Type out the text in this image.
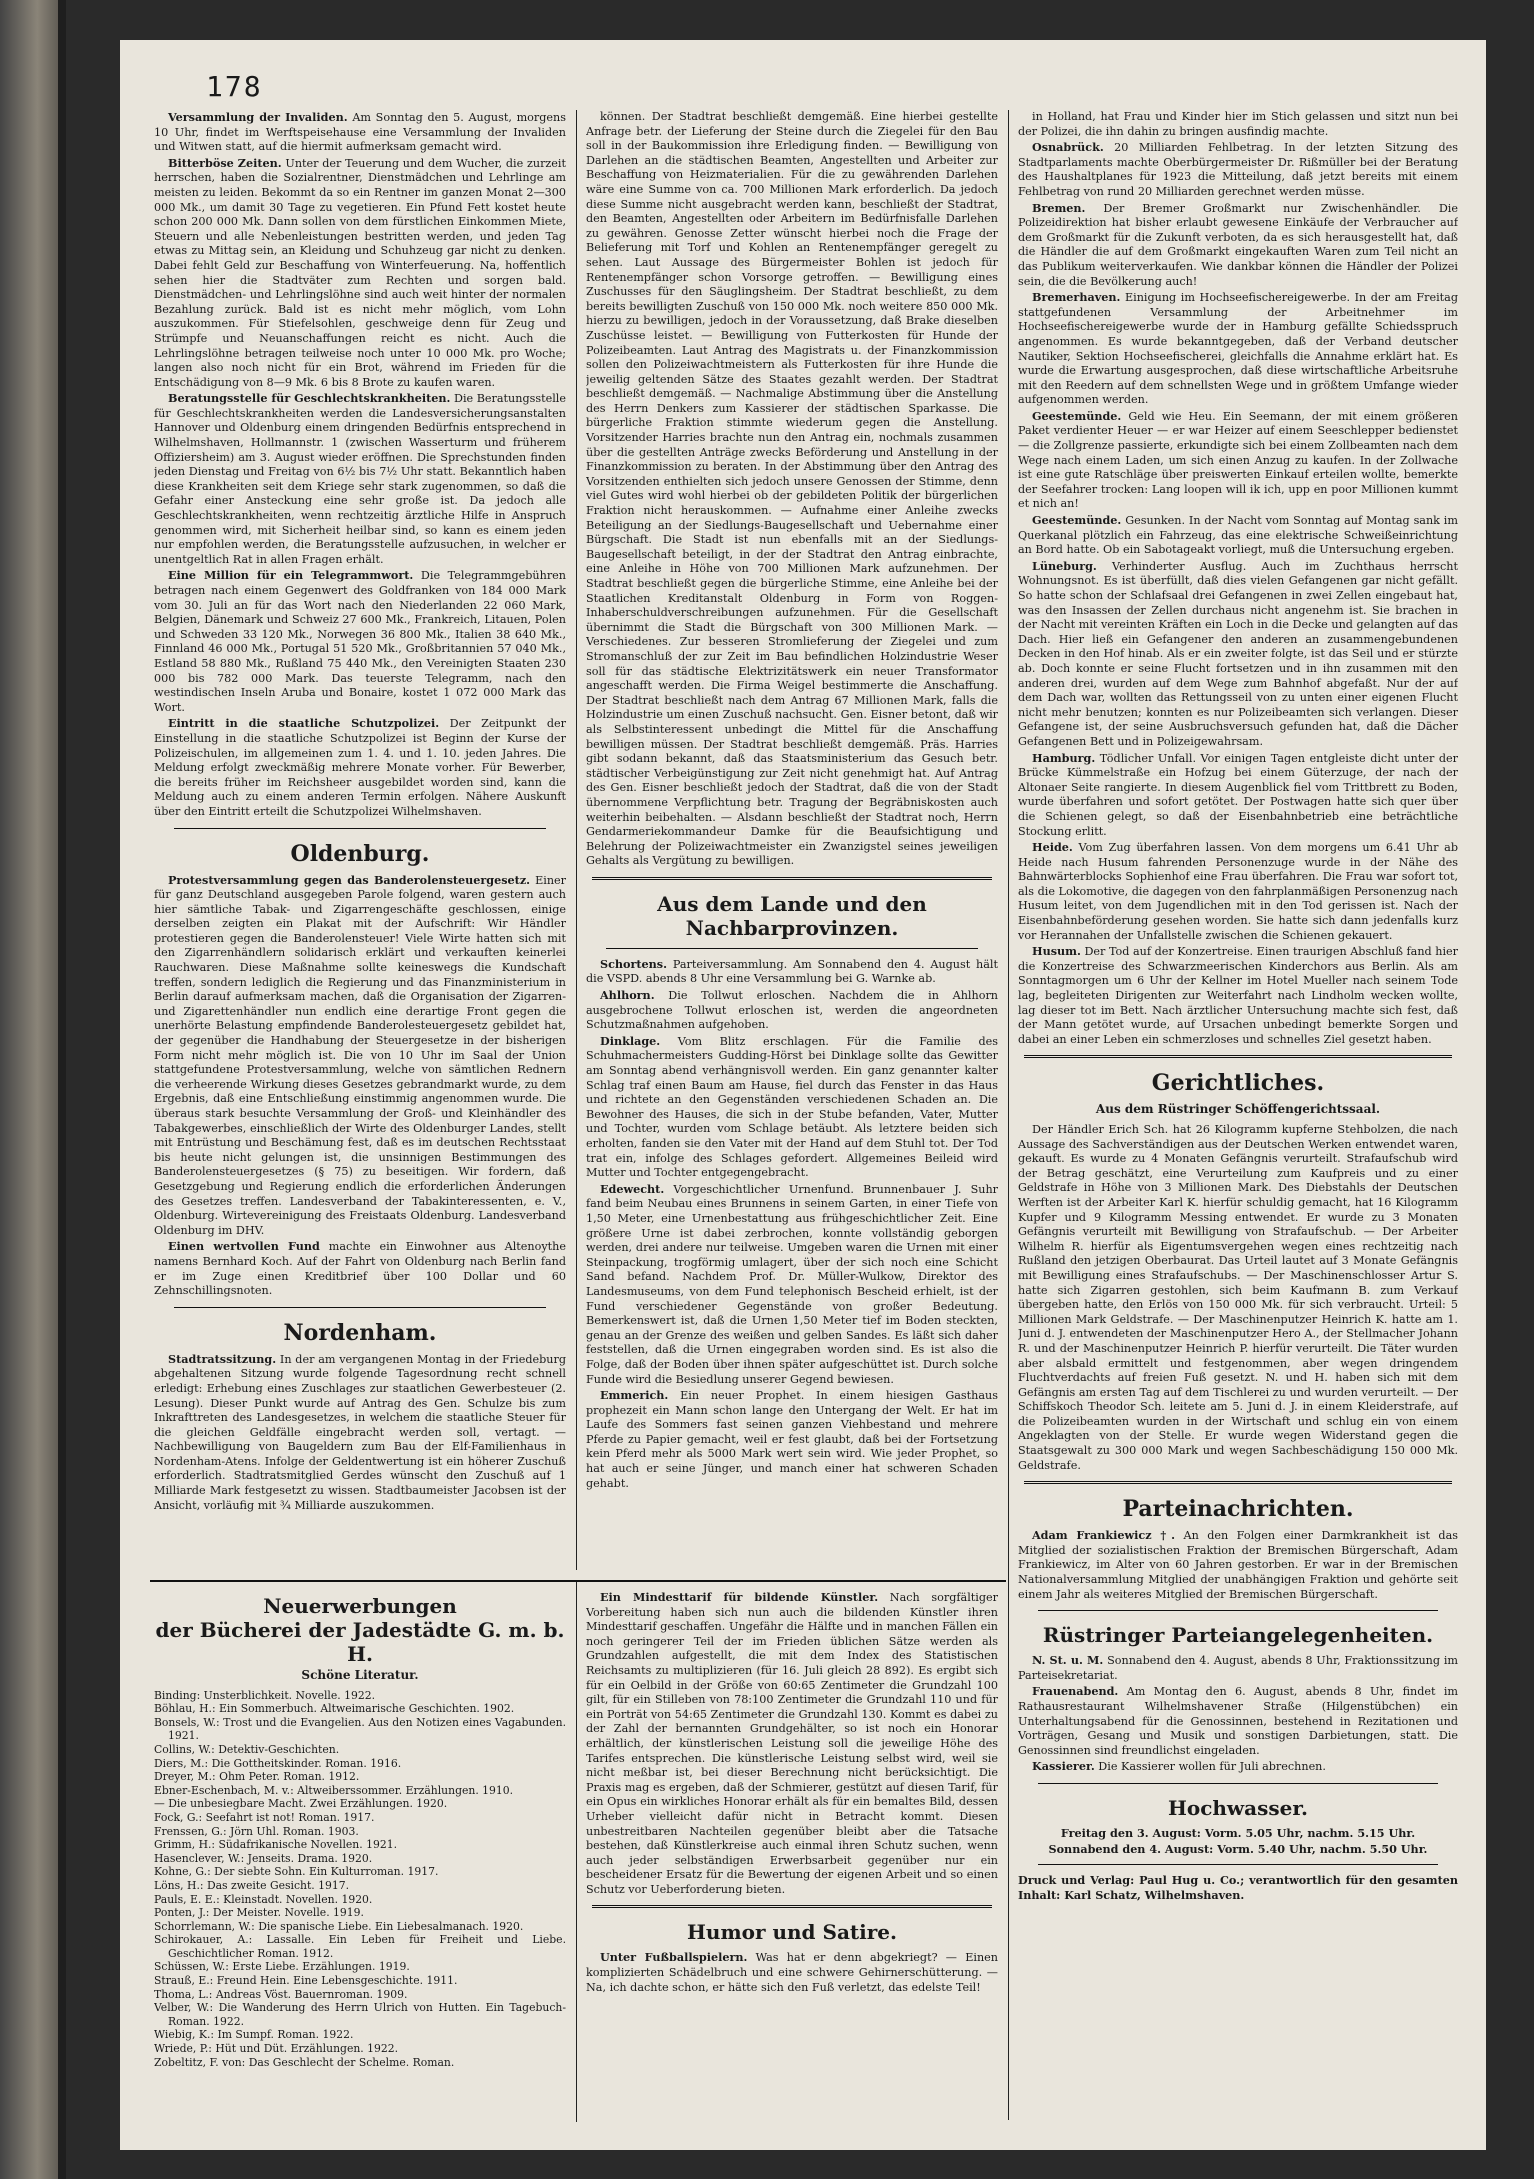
178

Versammlung der Invaliden. Am Sonntag den 5. August, morgens 10 Uhr, findet im Werftspeisehause eine Versammlung der Invaliden und Witwen statt, auf die hiermit aufmerksam gemacht wird.

Bitterböse Zeiten. Unter der Teuerung und dem Wucher, die zurzeit herrschen, haben die Sozialrentner, Dienstmädchen und Lehrlinge am meisten zu leiden. Bekommt da so ein Rentner im ganzen Monat 2—300 000 Mk., um damit 30 Tage zu vegetieren. Ein Pfund Fett kostet heute schon 200 000 Mk. Dann sollen von dem fürstlichen Einkommen Miete, Steuern und alle Nebenleistungen bestritten werden, und jeden Tag etwas zu Mittag sein, an Kleidung und Schuhzeug gar nicht zu denken. Dabei fehlt Geld zur Beschaffung von Winterfeuerung. Na, hoffentlich sehen hier die Stadtväter zum Rechten und sorgen bald. Dienstmädchen- und Lehrlingslöhne sind auch weit hinter der normalen Bezahlung zurück. Bald ist es nicht mehr möglich, vom Lohn auszukommen. Für Stiefelsohlen, geschweige denn für Zeug und Strümpfe und Neuanschaffungen reicht es nicht. Auch die Lehrlingslöhne betragen teilweise noch unter 10 000 Mk. pro Woche; langen also noch nicht für ein Brot, während im Frieden für die Entschädigung von 8—9 Mk. 6 bis 8 Brote zu kaufen waren.

Beratungsstelle für Geschlechtskrankheiten. Die Beratungsstelle für Geschlechtskrankheiten werden die Landesversicherungsanstalten Hannover und Oldenburg einem dringenden Bedürfnis entsprechend in Wilhelmshaven, Hollmannstr. 1 (zwischen Wasserturm und früherem Offiziersheim) am 3. August wieder eröffnen. Die Sprechstunden finden jeden Dienstag und Freitag von 6½ bis 7½ Uhr statt. Bekanntlich haben diese Krankheiten seit dem Kriege sehr stark zugenommen, so daß die Gefahr einer Ansteckung eine sehr große ist. Da jedoch alle Geschlechtskrankheiten, wenn rechtzeitig ärztliche Hilfe in Anspruch genommen wird, mit Sicherheit heilbar sind, so kann es einem jeden nur empfohlen werden, die Beratungsstelle aufzusuchen, in welcher er unentgeltlich Rat in allen Fragen erhält.

Eine Million für ein Telegrammwort. Die Telegrammgebühren betragen nach einem Gegenwert des Goldfranken von 184 000 Mark vom 30. Juli an für das Wort nach den Niederlanden 22 060 Mark, Belgien, Dänemark und Schweiz 27 600 Mk., Frankreich, Litauen, Polen und Schweden 33 120 Mk., Norwegen 36 800 Mk., Italien 38 640 Mk., Finnland 46 000 Mk., Portugal 51 520 Mk., Großbritannien 57 040 Mk., Estland 58 880 Mk., Rußland 75 440 Mk., den Vereinigten Staaten 230 000 bis 782 000 Mark. Das teuerste Telegramm, nach den westindischen Inseln Aruba und Bonaire, kostet 1 072 000 Mark das Wort.

Eintritt in die staatliche Schutzpolizei. Der Zeitpunkt der Einstellung in die staatliche Schutzpolizei ist Beginn der Kurse der Polizeischulen, im allgemeinen zum 1. 4. und 1. 10. jeden Jahres. Die Meldung erfolgt zweckmäßig mehrere Monate vorher. Für Bewerber, die bereits früher im Reichsheer ausgebildet worden sind, kann die Meldung auch zu einem anderen Termin erfolgen. Nähere Auskunft über den Eintritt erteilt die Schutzpolizei Wilhelmshaven.

Oldenburg.

Protestversammlung gegen das Banderolensteuergesetz. Einer für ganz Deutschland ausgegeben Parole folgend, waren gestern auch hier sämtliche Tabak- und Zigarrengeschäfte geschlossen, einige derselben zeigten ein Plakat mit der Aufschrift: Wir Händler protestieren gegen die Banderolensteuer! Viele Wirte hatten sich mit den Zigarrenhändlern solidarisch erklärt und verkauften keinerlei Rauchwaren. Diese Maßnahme sollte keineswegs die Kundschaft treffen, sondern lediglich die Regierung und das Finanzministerium in Berlin darauf aufmerksam machen, daß die Organisation der Zigarren- und Zigarettenhändler nun endlich eine derartige Front gegen die unerhörte Belastung empfindende Banderolesteuergesetz gebildet hat, der gegenüber die Handhabung der Steuergesetze in der bisherigen Form nicht mehr möglich ist. Die von 10 Uhr im Saal der Union stattgefundene Protestversammlung, welche von sämtlichen Rednern die verheerende Wirkung dieses Gesetzes gebrandmarkt wurde, zu dem Ergebnis, daß eine Entschließung einstimmig angenommen wurde. Die überaus stark besuchte Versammlung der Groß- und Kleinhändler des Tabakgewerbes, einschließlich der Wirte des Oldenburger Landes, stellt mit Entrüstung und Beschämung fest, daß es im deutschen Rechtsstaat bis heute nicht gelungen ist, die unsinnigen Bestimmungen des Banderolensteuergesetzes (§ 75) zu beseitigen. Wir fordern, daß Gesetzgebung und Regierung endlich die erforderlichen Änderungen des Gesetzes treffen. Landesverband der Tabakinteressenten, e. V., Oldenburg. Wirtevereinigung des Freistaats Oldenburg. Landesverband Oldenburg im DHV.

Einen wertvollen Fund machte ein Einwohner aus Altenoythe namens Bernhard Koch. Auf der Fahrt von Oldenburg nach Berlin fand er im Zuge einen Kreditbrief über 100 Dollar und 60 Zehnschillingsnoten.

Nordenham.

Stadtratssitzung. In der am vergangenen Montag in der Friedeburg abgehaltenen Sitzung wurde folgende Tagesordnung recht schnell erledigt: Erhebung eines Zuschlages zur staatlichen Gewerbesteuer (2. Lesung). Dieser Punkt wurde auf Antrag des Gen. Schulze bis zum Inkrafttreten des Landesgesetzes, in welchem die staatliche Steuer für die gleichen Geldfälle eingebracht werden soll, vertagt. — Nachbewilligung von Baugeldern zum Bau der Elf-Familienhaus in Nordenham-Atens. Infolge der Geldentwertung ist ein höherer Zuschuß erforderlich. Stadtratsmitglied Gerdes wünscht den Zuschuß auf 1 Milliarde Mark festgesetzt zu wissen. Stadtbaumeister Jacobsen ist der Ansicht, vorläufig mit ¾ Milliarde auszukommen.

können. Der Stadtrat beschließt demgemäß. Eine hierbei gestellte Anfrage betr. der Lieferung der Steine durch die Ziegelei für den Bau soll in der Baukommission ihre Erledigung finden. — Bewilligung von Darlehen an die städtischen Beamten, Angestellten und Arbeiter zur Beschaffung von Heizmaterialien. Für die zu gewährenden Darlehen wäre eine Summe von ca. 700 Millionen Mark erforderlich. Da jedoch diese Summe nicht ausgebracht werden kann, beschließt der Stadtrat, den Beamten, Angestellten oder Arbeitern im Bedürfnisfalle Darlehen zu gewähren. Genosse Zetter wünscht hierbei noch die Frage der Belieferung mit Torf und Kohlen an Rentenempfänger geregelt zu sehen. Laut Aussage des Bürgermeister Bohlen ist jedoch für Rentenempfänger schon Vorsorge getroffen. — Bewilligung eines Zuschusses für den Säuglingsheim. Der Stadtrat beschließt, zu dem bereits bewilligten Zuschuß von 150 000 Mk. noch weitere 850 000 Mk. hierzu zu bewilligen, jedoch in der Voraussetzung, daß Brake dieselben Zuschüsse leistet. — Bewilligung von Futterkosten für Hunde der Polizeibeamten. Laut Antrag des Magistrats u. der Finanzkommission sollen den Polizeiwachtmeistern als Futterkosten für ihre Hunde die jeweilig geltenden Sätze des Staates gezahlt werden. Der Stadtrat beschließt demgemäß. — Nachmalige Abstimmung über die Anstellung des Herrn Denkers zum Kassierer der städtischen Sparkasse. Die bürgerliche Fraktion stimmte wiederum gegen die Anstellung. Vorsitzender Harries brachte nun den Antrag ein, nochmals zusammen über die gestellten Anträge zwecks Beförderung und Anstellung in der Finanzkommission zu beraten. In der Abstimmung über den Antrag des Vorsitzenden enthielten sich jedoch unsere Genossen der Stimme, denn viel Gutes wird wohl hierbei ob der gebildeten Politik der bürgerlichen Fraktion nicht herauskommen. — Aufnahme einer Anleihe zwecks Beteiligung an der Siedlungs-Baugesellschaft und Uebernahme einer Bürgschaft. Die Stadt ist nun ebenfalls mit an der Siedlungs-Baugesellschaft beteiligt, in der der Stadtrat den Antrag einbrachte, eine Anleihe in Höhe von 700 Millionen Mark aufzunehmen. Der Stadtrat beschließt gegen die bürgerliche Stimme, eine Anleihe bei der Staatlichen Kreditanstalt Oldenburg in Form von Roggen-Inhaberschuldverschreibungen aufzunehmen. Für die Gesellschaft übernimmt die Stadt die Bürgschaft von 300 Millionen Mark. — Verschiedenes. Zur besseren Stromlieferung der Ziegelei und zum Stromanschluß der zur Zeit im Bau befindlichen Holzindustrie Weser soll für das städtische Elektrizitätswerk ein neuer Transformator angeschafft werden. Die Firma Weigel bestimmerte die Anschaffung. Der Stadtrat beschließt nach dem Antrag 67 Millionen Mark, falls die Holzindustrie um einen Zuschuß nachsucht. Gen. Eisner betont, daß wir als Selbstinteressent unbedingt die Mittel für die Anschaffung bewilligen müssen. Der Stadtrat beschließt demgemäß. Präs. Harries gibt sodann bekannt, daß das Staatsministerium das Gesuch betr. städtischer Verbeigünstigung zur Zeit nicht genehmigt hat. Auf Antrag des Gen. Eisner beschließt jedoch der Stadtrat, daß die von der Stadt übernommene Verpflichtung betr. Tragung der Begräbniskosten auch weiterhin beibehalten. — Alsdann beschließt der Stadtrat noch, Herrn Gendarmeriekommandeur Damke für die Beaufsichtigung und Belehrung der Polizeiwachtmeister ein Zwanzigstel seines jeweiligen Gehalts als Vergütung zu bewilligen.

Aus dem Lande und den Nachbarprovinzen.

Schortens. Parteiversammlung. Am Sonnabend den 4. August hält die VSPD. abends 8 Uhr eine Versammlung bei G. Warnke ab.

Ahlhorn. Die Tollwut erloschen. Nachdem die in Ahlhorn ausgebrochene Tollwut erloschen ist, werden die angeordneten Schutzmaßnahmen aufgehoben.

Dinklage. Vom Blitz erschlagen. Für die Familie des Schuhmachermeisters Gudding-Hörst bei Dinklage sollte das Gewitter am Sonntag abend verhängnisvoll werden. Ein ganz genannter kalter Schlag traf einen Baum am Hause, fiel durch das Fenster in das Haus und richtete an den Gegenständen verschiedenen Schaden an. Die Bewohner des Hauses, die sich in der Stube befanden, Vater, Mutter und Tochter, wurden vom Schlage betäubt. Als letztere beiden sich erholten, fanden sie den Vater mit der Hand auf dem Stuhl tot. Der Tod trat ein, infolge des Schlages gefordert. Allgemeines Beileid wird Mutter und Tochter entgegengebracht.

Edewecht. Vorgeschichtlicher Urnenfund. Brunnenbauer J. Suhr fand beim Neubau eines Brunnens in seinem Garten, in einer Tiefe von 1,50 Meter, eine Urnenbestattung aus frühgeschichtlicher Zeit. Eine größere Urne ist dabei zerbrochen, konnte vollständig geborgen werden, drei andere nur teilweise. Umgeben waren die Urnen mit einer Steinpackung, trogförmig umlagert, über der sich noch eine Schicht Sand befand. Nachdem Prof. Dr. Müller-Wulkow, Direktor des Landesmuseums, von dem Fund telephonisch Bescheid erhielt, ist der Fund verschiedener Gegenstände von großer Bedeutung. Bemerkenswert ist, daß die Urnen 1,50 Meter tief im Boden steckten, genau an der Grenze des weißen und gelben Sandes. Es läßt sich daher feststellen, daß die Urnen eingegraben worden sind. Es ist also die Folge, daß der Boden über ihnen später aufgeschüttet ist. Durch solche Funde wird die Besiedlung unserer Gegend bewiesen.

Emmerich. Ein neuer Prophet. In einem hiesigen Gasthaus prophezeit ein Mann schon lange den Untergang der Welt. Er hat im Laufe des Sommers fast seinen ganzen Viehbestand und mehrere Pferde zu Papier gemacht, weil er fest glaubt, daß bei der Fortsetzung kein Pferd mehr als 5000 Mark wert sein wird. Wie jeder Prophet, so hat auch er seine Jünger, und manch einer hat schweren Schaden gehabt.

Neuerwerbungen
der Bücherei der Jadestädte G. m. b. H.
Schöne Literatur.

Binding: Unsterblichkeit. Novelle. 1922.

Böhlau, H.: Ein Sommerbuch. Altweimarische Geschichten. 1902.

Bonsels, W.: Trost und die Evangelien. Aus den Notizen eines Vagabunden. 1921.

Collins, W.: Detektiv-Geschichten.

Diers, M.: Die Gottheitskinder. Roman. 1916.

Dreyer, M.: Ohm Peter. Roman. 1912.

Ebner-Eschenbach, M. v.: Altweiberssommer. Erzählungen. 1910.

— Die unbesiegbare Macht. Zwei Erzählungen. 1920.

Fock, G.: Seefahrt ist not! Roman. 1917.

Frenssen, G.: Jörn Uhl. Roman. 1903.

Grimm, H.: Südafrikanische Novellen. 1921.

Hasenclever, W.: Jenseits. Drama. 1920.

Kohne, G.: Der siebte Sohn. Ein Kulturroman. 1917.

Löns, H.: Das zweite Gesicht. 1917.

Pauls, E. E.: Kleinstadt. Novellen. 1920.

Ponten, J.: Der Meister. Novelle. 1919.

Schorrlemann, W.: Die spanische Liebe. Ein Liebesalmanach. 1920.

Schirokauer, A.: Lassalle. Ein Leben für Freiheit und Liebe. Geschichtlicher Roman. 1912.

Schüssen, W.: Erste Liebe. Erzählungen. 1919.

Strauß, E.: Freund Hein. Eine Lebensgeschichte. 1911.

Thoma, L.: Andreas Vöst. Bauernroman. 1909.

Velber, W.: Die Wanderung des Herrn Ulrich von Hutten. Ein Tagebuch-Roman. 1922.

Wiebig, K.: Im Sumpf. Roman. 1922.

Wriede, P.: Hüt und Düt. Erzählungen. 1922.

Zobeltitz, F. von: Das Geschlecht der Schelme. Roman.

Ein Mindesttarif für bildende Künstler. Nach sorgfältiger Vorbereitung haben sich nun auch die bildenden Künstler ihren Mindesttarif geschaffen. Ungefähr die Hälfte und in manchen Fällen ein noch geringerer Teil der im Frieden üblichen Sätze werden als Grundzahlen aufgestellt, die mit dem Index des Statistischen Reichsamts zu multiplizieren (für 16. Juli gleich 28 892). Es ergibt sich für ein Oelbild in der Größe von 60:65 Zentimeter die Grundzahl 100 gilt, für ein Stilleben von 78:100 Zentimeter die Grundzahl 110 und für ein Porträt von 54:65 Zentimeter die Grundzahl 130. Kommt es dabei zu der Zahl der bernannten Grundgehälter, so ist noch ein Honorar erhältlich, der künstlerischen Leistung soll die jeweilige Höhe des Tarifes entsprechen. Die künstlerische Leistung selbst wird, weil sie nicht meßbar ist, bei dieser Berechnung nicht berücksichtigt. Die Praxis mag es ergeben, daß der Schmierer, gestützt auf diesen Tarif, für ein Opus ein wirkliches Honorar erhält als für ein bemaltes Bild, dessen Urheber vielleicht dafür nicht in Betracht kommt. Diesen unbestreitbaren Nachteilen gegenüber bleibt aber die Tatsache bestehen, daß Künstlerkreise auch einmal ihren Schutz suchen, wenn auch jeder selbständigen Erwerbsarbeit gegenüber nur ein bescheidener Ersatz für die Bewertung der eigenen Arbeit und so einen Schutz vor Ueberforderung bieten.

Humor und Satire.

Unter Fußballspielern. Was hat er denn abgekriegt? — Einen komplizierten Schädelbruch und eine schwere Gehirnerschütterung. — Na, ich dachte schon, er hätte sich den Fuß verletzt, das edelste Teil!

in Holland, hat Frau und Kinder hier im Stich gelassen und sitzt nun bei der Polizei, die ihn dahin zu bringen ausfindig machte.

Osnabrück. 20 Milliarden Fehlbetrag. In der letzten Sitzung des Stadtparlaments machte Oberbürgermeister Dr. Rißmüller bei der Beratung des Haushaltplanes für 1923 die Mitteilung, daß jetzt bereits mit einem Fehlbetrag von rund 20 Milliarden gerechnet werden müsse.

Bremen. Der Bremer Großmarkt nur Zwischenhändler. Die Polizeidirektion hat bisher erlaubt gewesene Einkäufe der Verbraucher auf dem Großmarkt für die Zukunft verboten, da es sich herausgestellt hat, daß die Händler die auf dem Großmarkt eingekauften Waren zum Teil nicht an das Publikum weiterverkaufen. Wie dankbar können die Händler der Polizei sein, die die Bevölkerung auch!

Bremerhaven. Einigung im Hochseefischereigewerbe. In der am Freitag stattgefundenen Versammlung der Arbeitnehmer im Hochseefischereigewerbe wurde der in Hamburg gefällte Schiedsspruch angenommen. Es wurde bekanntgegeben, daß der Verband deutscher Nautiker, Sektion Hochseefischerei, gleichfalls die Annahme erklärt hat. Es wurde die Erwartung ausgesprochen, daß diese wirtschaftliche Arbeitsruhe mit den Reedern auf dem schnellsten Wege und in größtem Umfange wieder aufgenommen werden.

Geestemünde. Geld wie Heu. Ein Seemann, der mit einem größeren Paket verdienter Heuer — er war Heizer auf einem Seeschlepper bedienstet — die Zollgrenze passierte, erkundigte sich bei einem Zollbeamten nach dem Wege nach einem Laden, um sich einen Anzug zu kaufen. In der Zollwache ist eine gute Ratschläge über preiswerten Einkauf erteilen wollte, bemerkte der Seefahrer trocken: Lang loopen will ik ich, upp en poor Millionen kummt et nich an!

Geestemünde. Gesunken. In der Nacht vom Sonntag auf Montag sank im Querkanal plötzlich ein Fahrzeug, das eine elektrische Schweißeinrichtung an Bord hatte. Ob ein Sabotageakt vorliegt, muß die Untersuchung ergeben.

Lüneburg. Verhinderter Ausflug. Auch im Zuchthaus herrscht Wohnungsnot. Es ist überfüllt, daß dies vielen Gefangenen gar nicht gefällt. So hatte schon der Schlafsaal drei Gefangenen in zwei Zellen eingebaut hat, was den Insassen der Zellen durchaus nicht angenehm ist. Sie brachen in der Nacht mit vereinten Kräften ein Loch in die Decke und gelangten auf das Dach. Hier ließ ein Gefangener den anderen an zusammengebundenen Decken in den Hof hinab. Als er ein zweiter folgte, ist das Seil und er stürzte ab. Doch konnte er seine Flucht fortsetzen und in ihn zusammen mit den anderen drei, wurden auf dem Wege zum Bahnhof abgefaßt. Nur der auf dem Dach war, wollten das Rettungsseil von zu unten einer eigenen Flucht nicht mehr benutzen; konnten es nur Polizeibeamten sich verlangen. Dieser Gefangene ist, der seine Ausbruchsversuch gefunden hat, daß die Dächer Gefangenen Bett und in Polizeigewahrsam.

Hamburg. Tödlicher Unfall. Vor einigen Tagen entgleiste dicht unter der Brücke Kümmelstraße ein Hofzug bei einem Güterzuge, der nach der Altonaer Seite rangierte. In diesem Augenblick fiel vom Trittbrett zu Boden, wurde überfahren und sofort getötet. Der Postwagen hatte sich quer über die Schienen gelegt, so daß der Eisenbahnbetrieb eine beträchtliche Stockung erlitt.

Heide. Vom Zug überfahren lassen. Von dem morgens um 6.41 Uhr ab Heide nach Husum fahrenden Personenzuge wurde in der Nähe des Bahnwärterblocks Sophienhof eine Frau überfahren. Die Frau war sofort tot, als die Lokomotive, die dagegen von den fahrplanmäßigen Personenzug nach Husum leitet, von dem Jugendlichen mit in den Tod gerissen ist. Nach der Eisenbahnbeförderung gesehen worden. Sie hatte sich dann jedenfalls kurz vor Herannahen der Unfallstelle zwischen die Schienen gekauert.

Husum. Der Tod auf der Konzertreise. Einen traurigen Abschluß fand hier die Konzertreise des Schwarzmeerischen Kinderchors aus Berlin. Als am Sonntagmorgen um 6 Uhr der Kellner im Hotel Mueller nach seinem Tode lag, begleiteten Dirigenten zur Weiterfahrt nach Lindholm wecken wollte, lag dieser tot im Bett. Nach ärztlicher Untersuchung machte sich fest, daß der Mann getötet wurde, auf Ursachen unbedingt bemerkte Sorgen und dabei an einer Leben ein schmerzloses und schnelles Ziel gesetzt haben.

Gerichtliches.
Aus dem Rüstringer Schöffengerichtssaal.

Der Händler Erich Sch. hat 26 Kilogramm kupferne Stehbolzen, die nach Aussage des Sachverständigen aus der Deutschen Werken entwendet waren, gekauft. Es wurde zu 4 Monaten Gefängnis verurteilt. Strafaufschub wird der Betrag geschätzt, eine Verurteilung zum Kaufpreis und zu einer Geldstrafe in Höhe von 3 Millionen Mark. Des Diebstahls der Deutschen Werften ist der Arbeiter Karl K. hierfür schuldig gemacht, hat 16 Kilogramm Kupfer und 9 Kilogramm Messing entwendet. Er wurde zu 3 Monaten Gefängnis verurteilt mit Bewilligung von Strafaufschub. — Der Arbeiter Wilhelm R. hierfür als Eigentumsvergehen wegen eines rechtzeitig nach Rußland den jetzigen Oberbaurat. Das Urteil lautet auf 3 Monate Gefängnis mit Bewilligung eines Strafaufschubs. — Der Maschinenschlosser Artur S. hatte sich Zigarren gestohlen, sich beim Kaufmann B. zum Verkauf übergeben hatte, den Erlös von 150 000 Mk. für sich verbraucht. Urteil: 5 Millionen Mark Geldstrafe. — Der Maschinenputzer Heinrich K. hatte am 1. Juni d. J. entwendeten der Maschinenputzer Hero A., der Stellmacher Johann R. und der Maschinenputzer Heinrich P. hierfür verurteilt. Die Täter wurden aber alsbald ermittelt und festgenommen, aber wegen dringendem Fluchtverdachts auf freien Fuß gesetzt. N. und H. haben sich mit dem Gefängnis am ersten Tag auf dem Tischlerei zu und wurden verurteilt. — Der Schiffskoch Theodor Sch. leitete am 5. Juni d. J. in einem Kleiderstrafe, auf die Polizeibeamten wurden in der Wirtschaft und schlug ein von einem Angeklagten von der Stelle. Er wurde wegen Widerstand gegen die Staatsgewalt zu 300 000 Mark und wegen Sachbeschädigung 150 000 Mk. Geldstrafe.

Parteinachrichten.

Adam Frankiewicz †. An den Folgen einer Darmkrankheit ist das Mitglied der sozialistischen Fraktion der Bremischen Bürgerschaft, Adam Frankiewicz, im Alter von 60 Jahren gestorben. Er war in der Bremischen Nationalversammlung Mitglied der unabhängigen Fraktion und gehörte seit einem Jahr als weiteres Mitglied der Bremischen Bürgerschaft.

Rüstringer Parteiangelegenheiten.

N. St. u. M. Sonnabend den 4. August, abends 8 Uhr, Fraktionssitzung im Parteisekretariat.

Frauenabend. Am Montag den 6. August, abends 8 Uhr, findet im Rathausrestaurant Wilhelmshavener Straße (Hilgenstübchen) ein Unterhaltungsabend für die Genossinnen, bestehend in Rezitationen und Vorträgen, Gesang und Musik und sonstigen Darbietungen, statt. Die Genossinnen sind freundlichst eingeladen.

Kassierer. Die Kassierer wollen für Juli abrechnen.

Hochwasser.

Freitag den 3. August: Vorm. 5.05 Uhr, nachm. 5.15 Uhr.

Sonnabend den 4. August: Vorm. 5.40 Uhr, nachm. 5.50 Uhr.

Druck und Verlag: Paul Hug u. Co.; verantwortlich für den gesamten Inhalt: Karl Schatz, Wilhelmshaven.
